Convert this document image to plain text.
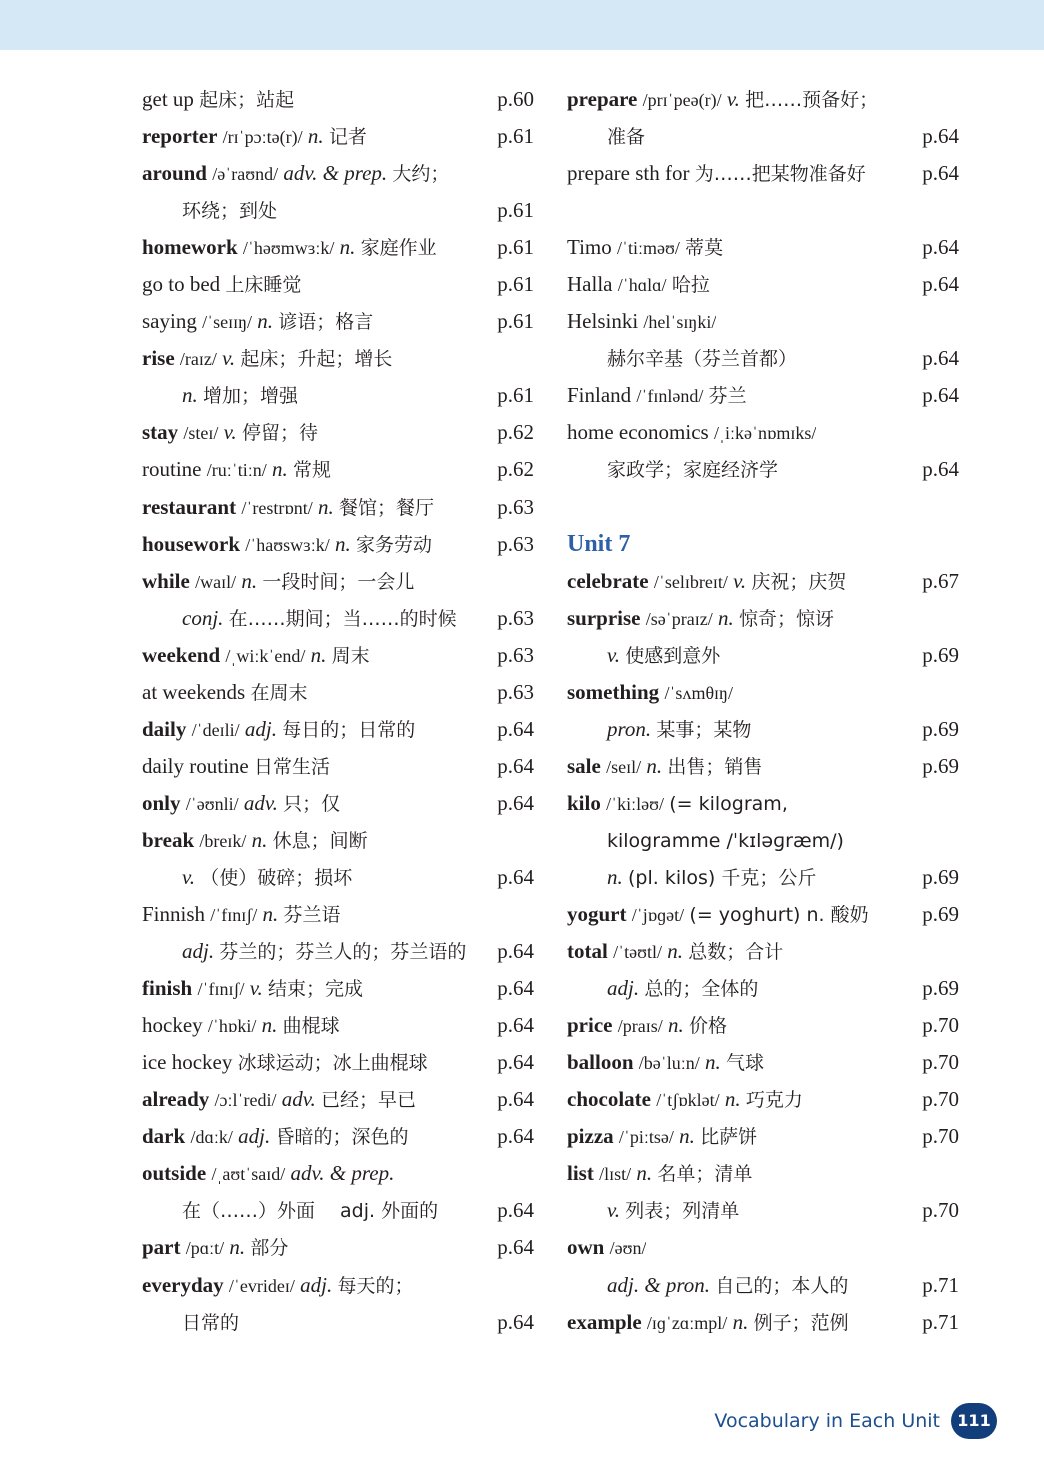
get up 起床；站起	p.60
reporter /rɪˈpɔːtə(r)/ n. 记者	p.61
around /əˈraʊnd/ adv. & prep. 大约；
环绕；到处	p.61
homework /ˈhəʊmwɜːk/ n. 家庭作业	p.61
go to bed 上床睡觉	p.61
saying /ˈseɪɪŋ/ n. 谚语；格言	p.61
rise /raɪz/ v. 起床；升起；增长
n. 增加；增强	p.61
stay /steɪ/ v. 停留；待	p.62
routine /ruːˈtiːn/ n. 常规	p.62
restaurant /ˈrestrɒnt/ n. 餐馆；餐厅	p.63
housework /ˈhaʊswɜːk/ n. 家务劳动	p.63
while /waɪl/ n. 一段时间；一会儿
conj. 在……期间；当……的时候 p.63
weekend /ˌwiːkˈend/ n. 周末	p.63
at weekends 在周末	p.63
daily /ˈdeɪli/ adj. 每日的；日常的	p.64
daily routine 日常生活	p.64
only /ˈəʊnli/ adv. 只；仅	p.64
break /breɪk/ n. 休息；间断
v. （使）破碎；损坏	p.64
Finnish /ˈfɪnɪʃ/ n. 芬兰语
adj. 芬兰的；芬兰人的；芬兰语的 p.64
finish /ˈfɪnɪʃ/ v. 结束；完成	p.64
hockey /ˈhɒki/ n. 曲棍球	p.64
ice hockey 冰球运动；冰上曲棍球	p.64
already /ɔːlˈredi/ adv. 已经；早已	p.64
dark /dɑːk/ adj. 昏暗的；深色的	p.64
outside /ˌaʊtˈsaɪd/ adv. & prep.
在（……）外面　 adj. 外面的	p.64
part /pɑːt/ n. 部分	p.64
everyday /ˈevrideɪ/ adj. 每天的；
日常的	p.64
prepare /prɪˈpeə(r)/ v. 把……预备好；
准备	p.64
prepare sth for 为……把某物准备好	p.64
Timo /ˈtiːməʊ/ 蒂莫	p.64
Halla /ˈhɑlɑ/ 哈拉	p.64
Helsinki /helˈsɪŋki/
赫尔辛基（芬兰首都）	p.64
Finland /ˈfɪnlənd/ 芬兰	p.64
home economics /ˌiːkəˈnɒmɪks/
家政学；家庭经济学	p.64
Unit 7
celebrate /ˈselɪbreɪt/ v. 庆祝；庆贺	p.67
surprise /səˈpraɪz/ n. 惊奇；惊讶
v. 使感到意外	p.69
something /ˈsʌmθɪŋ/
pron. 某事；某物	p.69
sale /seɪl/ n. 出售；销售	p.69
kilo /ˈkiːləʊ/ (= kilogram,
kilogramme /ˈkɪləɡræm/)
n. (pl. kilos) 千克；公斤	p.69
yogurt /ˈjɒɡət/ (= yoghurt) n. 酸奶	p.69
total /ˈtəʊtl/ n. 总数；合计
adj. 总的；全体的	p.69
price /praɪs/ n. 价格	p.70
balloon /bəˈluːn/ n. 气球	p.70
chocolate /ˈtʃɒklət/ n. 巧克力	p.70
pizza /ˈpiːtsə/ n. 比萨饼	p.70
list /lɪst/ n. 名单；清单
v. 列表；列清单	p.70
own /əʊn/
adj. & pron. 自己的；本人的	p.71
example /ɪɡˈzɑːmpl/ n. 例子；范例	p.71
Vocabulary in Each Unit	111
